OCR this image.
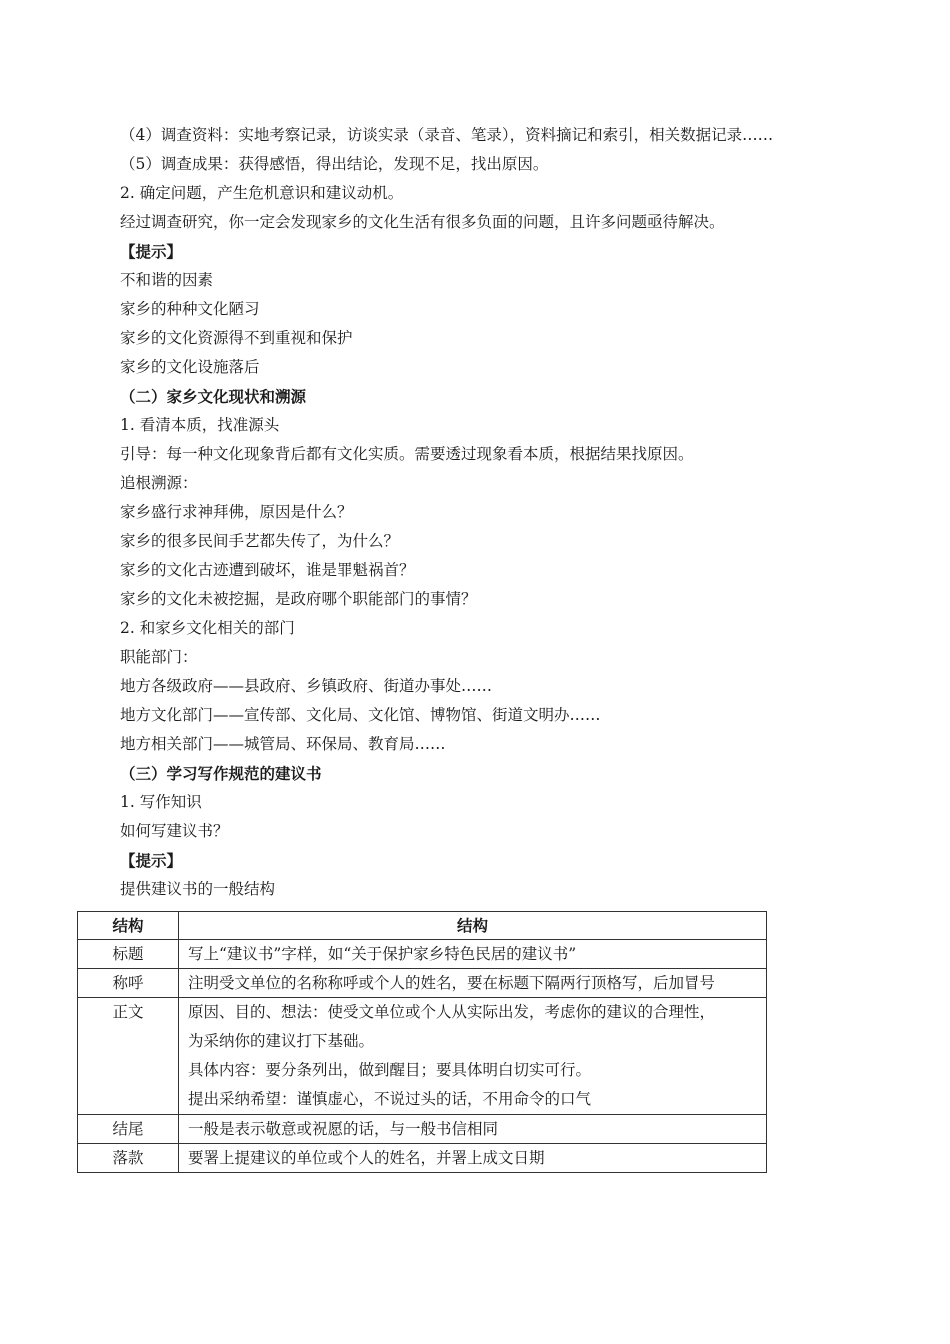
（4）调查资料：实地考察记录，访谈实录（录音、笔录），资料摘记和索引，相关数据记录……
（5）调查成果：获得感悟，得出结论，发现不足，找出原因。
2. 确定问题，产生危机意识和建议动机。
经过调查研究，你一定会发现家乡的文化生活有很多负面的问题，且许多问题亟待解决。
【提示】
不和谐的因素
家乡的种种文化陋习
家乡的文化资源得不到重视和保护
家乡的文化设施落后
（二）家乡文化现状和溯源
1. 看清本质，找准源头
引导：每一种文化现象背后都有文化实质。需要透过现象看本质，根据结果找原因。
追根溯源：
家乡盛行求神拜佛，原因是什么？
家乡的很多民间手艺都失传了，为什么？
家乡的文化古迹遭到破坏，谁是罪魁祸首？
家乡的文化未被挖掘，是政府哪个职能部门的事情？
2. 和家乡文化相关的部门
职能部门：
地方各级政府——县政府、乡镇政府、街道办事处……
地方文化部门——宣传部、文化局、文化馆、博物馆、街道文明办……
地方相关部门——城管局、环保局、教育局……
（三）学习写作规范的建议书
1. 写作知识
如何写建议书？
【提示】
提供建议书的一般结构
结构	结构
标题	写上“建议书”字样，如“关于保护家乡特色民居的建议书”
称呼	注明受文单位的名称称呼或个人的姓名，要在标题下隔两行顶格写，后加冒号
正文	原因、目的、想法：使受文单位或个人从实际出发，考虑你的建议的合理性，
为采纳你的建议打下基础。
具体内容：要分条列出，做到醒目；要具体明白切实可行。
提出采纳希望：谨慎虚心，不说过头的话，不用命令的口气

结尾	一般是表示敬意或祝愿的话，与一般书信相同
落款	要署上提建议的单位或个人的姓名，并署上成文日期
